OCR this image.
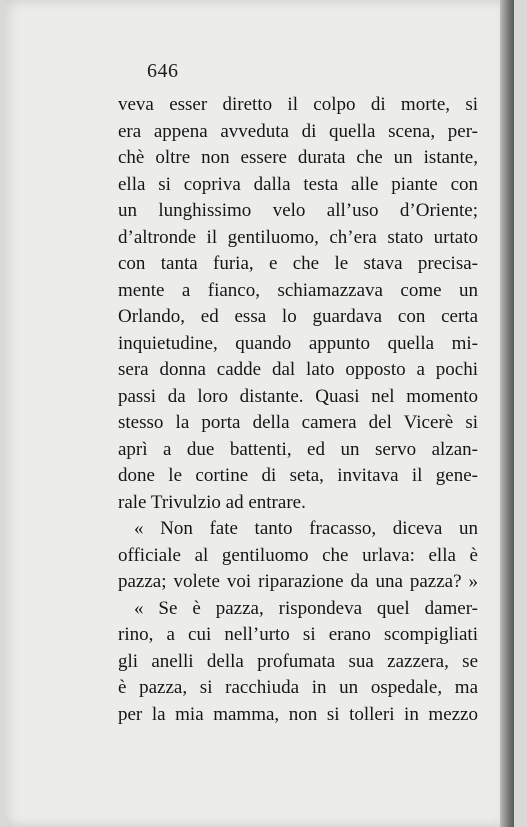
646
veva esser diretto il colpo di morte, si
era appena avveduta di quella scena, per-
chè oltre non essere durata che un istante,
ella si copriva dalla testa alle piante con
un lunghissimo velo all’uso d’Oriente;
d’altronde il gentiluomo, ch’era stato urtato
con tanta furia, e che le stava precisa-
mente a fianco, schiamazzava come un
Orlando, ed essa lo guardava con certa
inquietudine, quando appunto quella mi-
sera donna cadde dal lato opposto a pochi
passi da loro distante. Quasi nel momento
stesso la porta della camera del Vicerè si
aprì a due battenti, ed un servo alzan-
done le cortine di seta, invitava il gene-
rale Trivulzio ad entrare.
« Non fate tanto fracasso, diceva un
officiale al gentiluomo che urlava: ella è
pazza; volete voi riparazione da una pazza? »
« Se è pazza, rispondeva quel damer-
rino, a cui nell’urto si erano scompigliati
gli anelli della profumata sua zazzera, se
è pazza, si racchiuda in un ospedale, ma
per la mia mamma, non si tolleri in mezzo
